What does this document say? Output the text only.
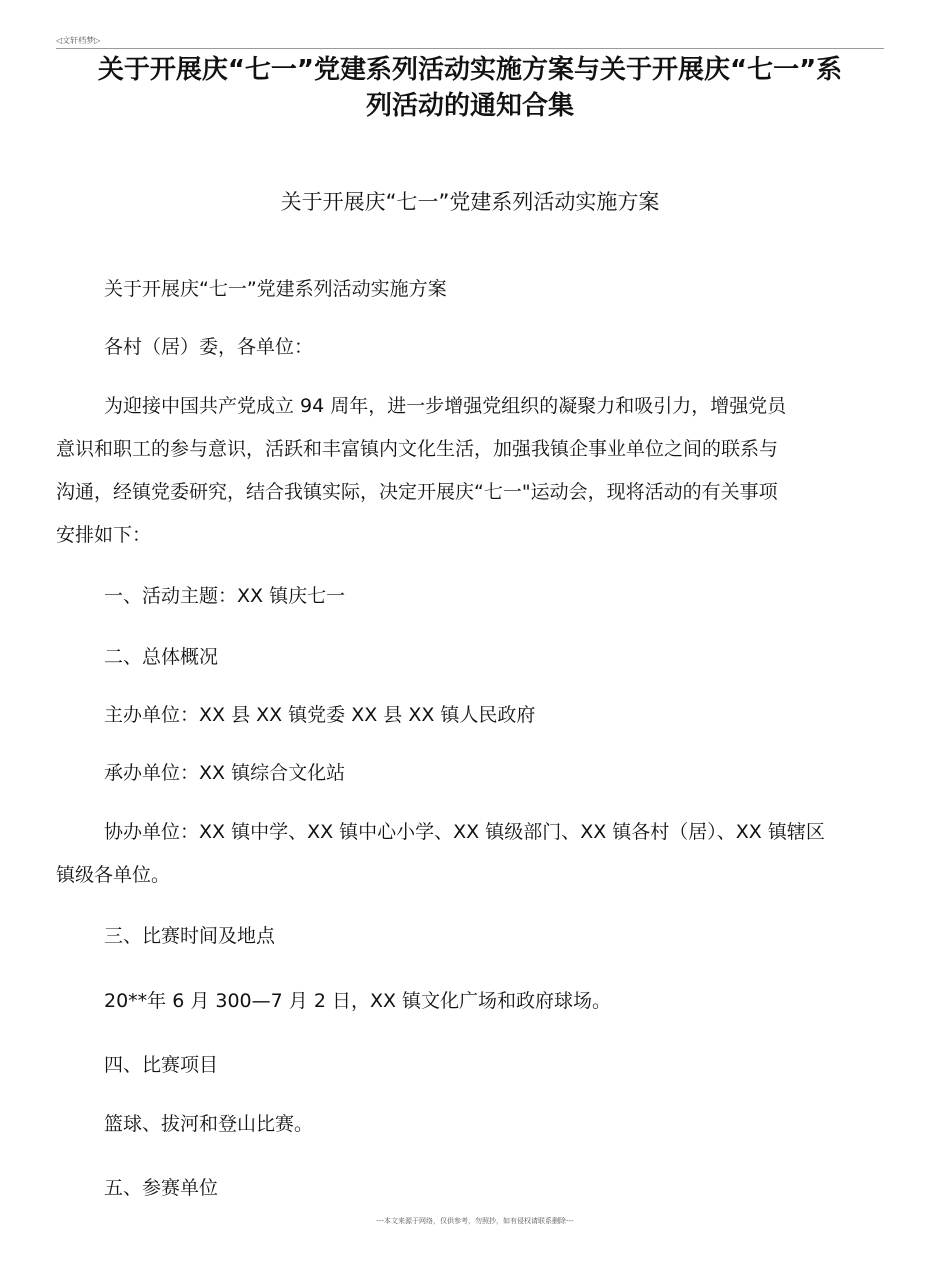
◁文轩档梦▷
关于开展庆“七一”党建系列活动实施方案与关于开展庆“七一”系
列活动的通知合集
关于开展庆“七一”党建系列活动实施方案

关于开展庆“七一”党建系列活动实施方案

各村（居）委，各单位：

为迎接中国共产党成立 94 周年，进一步增强党组织的凝聚力和吸引力，增强党员
意识和职工的参与意识，活跃和丰富镇内文化生活，加强我镇企事业单位之间的联系与
沟通，经镇党委研究，结合我镇实际，决定开展庆“七一"运动会，现将活动的有关事项
安排如下：

一、活动主题：XX 镇庆七一

二、总体概况

主办单位：XX 县 XX 镇党委 XX 县 XX 镇人民政府

承办单位：XX 镇综合文化站

协办单位：XX 镇中学、XX 镇中心小学、XX 镇级部门、XX 镇各村（居）、XX 镇辖区
镇级各单位。

三、比赛时间及地点

20**年 6 月 300—7 月 2 日，XX 镇文化广场和政府球场。

四、比赛项目

篮球、拔河和登山比赛。

五、参赛单位

---本文来源于网络，仅供参考，勿照抄，如有侵权请联系删除---
